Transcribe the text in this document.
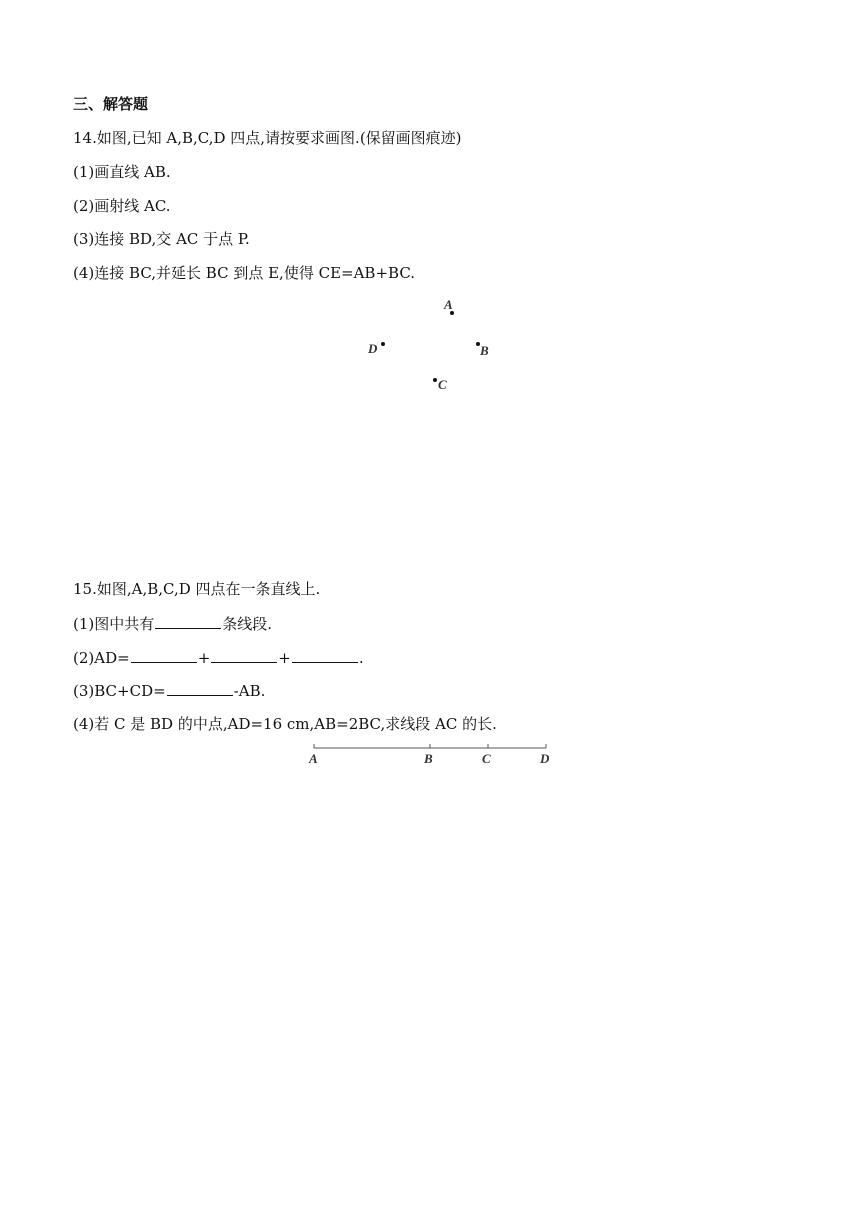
三、解答题
14.如图,已知 A,B,C,D 四点,请按要求画图.(保留画图痕迹)
(1)画直线 AB.
(2)画射线 AC.
(3)连接 BD,交 AC 于点 P.
(4)连接 BC,并延长 BC 到点 E,使得 CE=AB+BC.
A
D	B
C
15.如图,A,B,C,D 四点在一条直线上.
(1)图中共有	条线段.
(2)AD=	+	+	.
(3)BC+CD=	-AB.
(4)若 C 是 BD 的中点,AD=16 cm,AB=2BC,求线段 AC 的长.
A	B	C	D
